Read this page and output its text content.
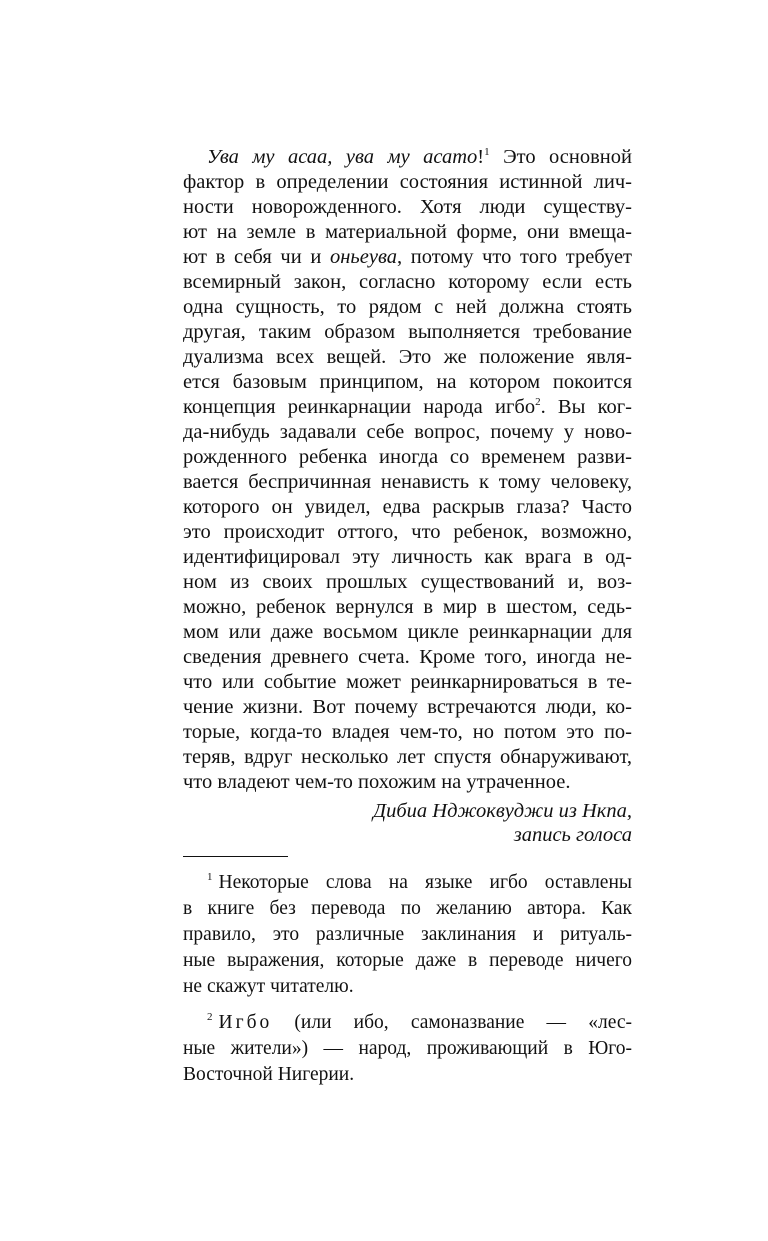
Ува му асаа, ува му асато!$^1$ Это основной
фактор в определении состояния истинной лич-
ности новорожденного. Хотя люди существу-
ют на земле в материальной форме, они вмеща-
ют в себя чи и оньеува, потому что того требует
всемирный закон, согласно которому если есть
одна сущность, то рядом с ней должна стоять
другая, таким образом выполняется требование
дуализма всех вещей. Это же положение явля-
ется базовым принципом, на котором покоится
концепция реинкарнации народа игбо$^2$. Вы ког-
да-нибудь задавали себе вопрос, почему у ново-
рожденного ребенка иногда со временем разви-
вается беспричинная ненависть к тому человеку,
которого он увидел, едва раскрыв глаза? Часто
это происходит оттого, что ребенок, возможно,
идентифицировал эту личность как врага в од-
ном из своих прошлых существований и, воз-
можно, ребенок вернулся в мир в шестом, седь-
мом или даже восьмом цикле реинкарнации для
сведения древнего счета. Кроме того, иногда не-
что или событие может реинкарнироваться в те-
чение жизни. Вот почему встречаются люди, ко-
торые, когда-то владея чем-то, но потом это по-
теряв, вдруг несколько лет спустя обнаруживают,
что владеют чем-то похожим на утраченное.
Дибиа Нджоквуджи из Нкпа,
запись голоса
$^1$ Некоторые слова на языке игбо оставлены
в книге без перевода по желанию автора. Как
правило, это различные заклинания и ритуаль-
ные выражения, которые даже в переводе ничего
не скажут читателю.
$^2$ Игбо (или ибо, самоназвание — «лес-
ные жители») — народ, проживающий в Юго-
Восточной Нигерии.
